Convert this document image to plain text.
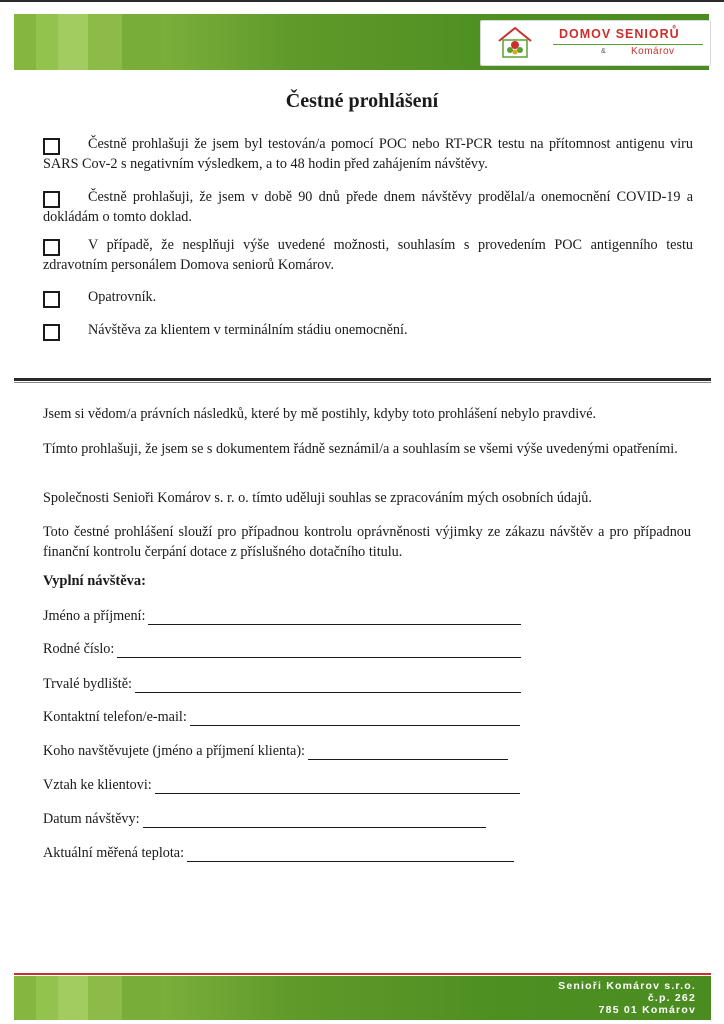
DOMOV SENIORŮ
&	Komárov
Čestné prohlášení
Čestně prohlašuji že jsem byl testován/a pomocí POC nebo RT-PCR testu na přítomnost antigenu viru SARS Cov-2 s negativním výsledkem, a to 48 hodin před zahájením návštěvy.
Čestně prohlašuji, že jsem v době 90 dnů přede dnem návštěvy prodělal/a onemocnění COVID-19 a dokládám o tomto doklad.
V případě, že nesplňuji výše uvedené možnosti, souhlasím s provedením POC antigenního testu zdravotním personálem Domova seniorů Komárov.
Opatrovník.
Návštěva za klientem v terminálním stádiu onemocnění.
Jsem si vědom/a právních následků, které by mě postihly, kdyby toto prohlášení nebylo pravdivé.
Tímto prohlašuji, že jsem se s dokumentem řádně seznámil/a a souhlasím se všemi výše uvedenými opatřeními.
Společnosti Senioři Komárov s. r. o. tímto uděluji souhlas se zpracováním mých osobních údajů.
Toto čestné prohlášení slouží pro případnou kontrolu oprávněnosti výjimky ze zákazu návštěv a pro případnou finanční kontrolu čerpání dotace z příslušného dotačního titulu.
Vyplní návštěva:
Jméno a příjmení:
Rodné číslo:
Trvalé bydliště:
Kontaktní telefon/e-mail:
Koho navštěvujete (jméno a příjmení klienta):
Vztah ke klientovi:
Datum návštěvy:
Aktuální měřená teplota:
Senioři Komárov s.r.o.
č.p. 262
785 01 Komárov
